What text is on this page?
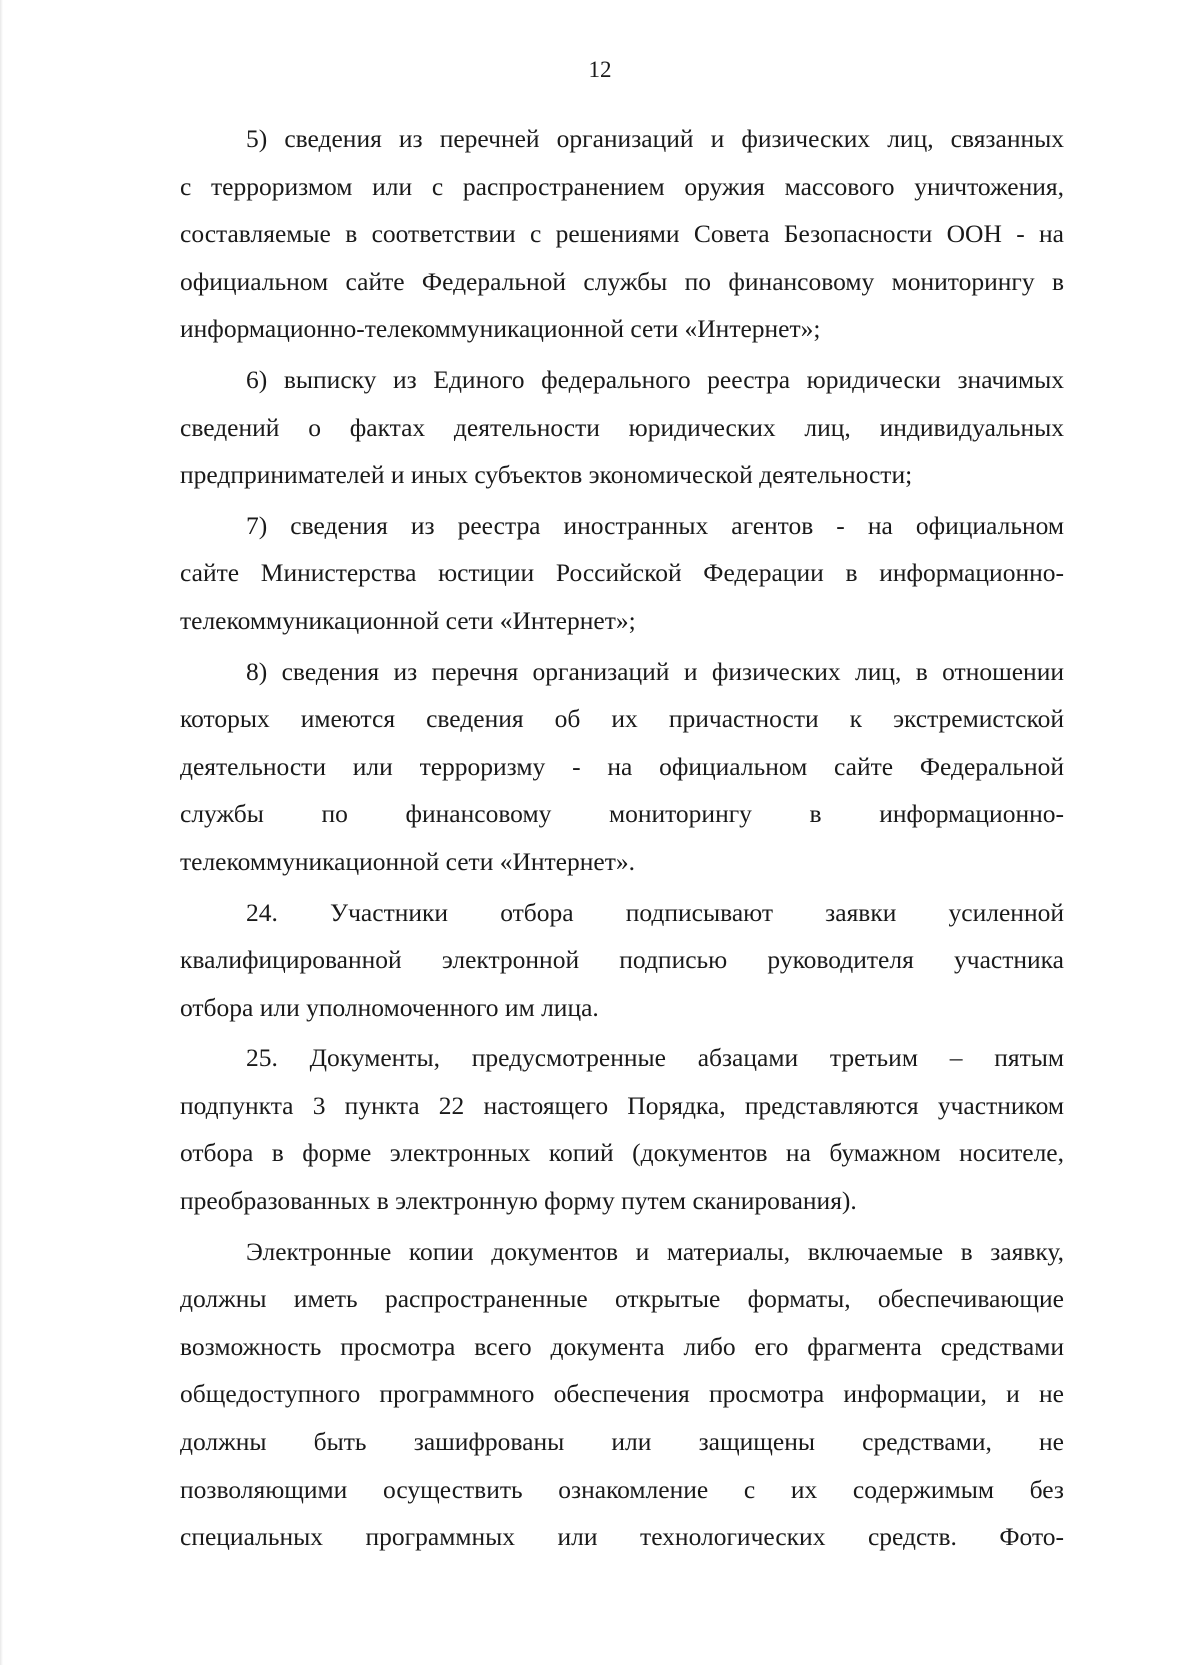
12
5) сведения из перечней организаций и физических лиц, связанных
с терроризмом или с распространением оружия массового уничтожения,
составляемые в соответствии с решениями Совета Безопасности ООН - на
официальном сайте Федеральной службы по финансовому мониторингу в
информационно-телекоммуникационной сети «Интернет»;
6) выписку из Единого федерального реестра юридически значимых
сведений о фактах деятельности юридических лиц, индивидуальных
предпринимателей и иных субъектов экономической деятельности;
7) сведения из реестра иностранных агентов - на официальном
сайте Министерства юстиции Российской Федерации в информационно-
телекоммуникационной сети «Интернет»;
8) сведения из перечня организаций и физических лиц, в отношении
которых имеются сведения об их причастности к экстремистской
деятельности или терроризму - на официальном сайте Федеральной
службы по финансовому мониторингу в информационно-
телекоммуникационной сети «Интернет».
24. Участники отбора подписывают заявки усиленной
квалифицированной электронной подписью руководителя участника
отбора или уполномоченного им лица.
25. Документы, предусмотренные абзацами третьим – пятым
подпункта 3 пункта 22 настоящего Порядка, представляются участником
отбора в форме электронных копий (документов на бумажном носителе,
преобразованных в электронную форму путем сканирования).
Электронные копии документов и материалы, включаемые в заявку,
должны иметь распространенные открытые форматы, обеспечивающие
возможность просмотра всего документа либо его фрагмента средствами
общедоступного программного обеспечения просмотра информации, и не
должны быть зашифрованы или защищены средствами, не
позволяющими осуществить ознакомление с их содержимым без
специальных программных или технологических средств. Фото-
